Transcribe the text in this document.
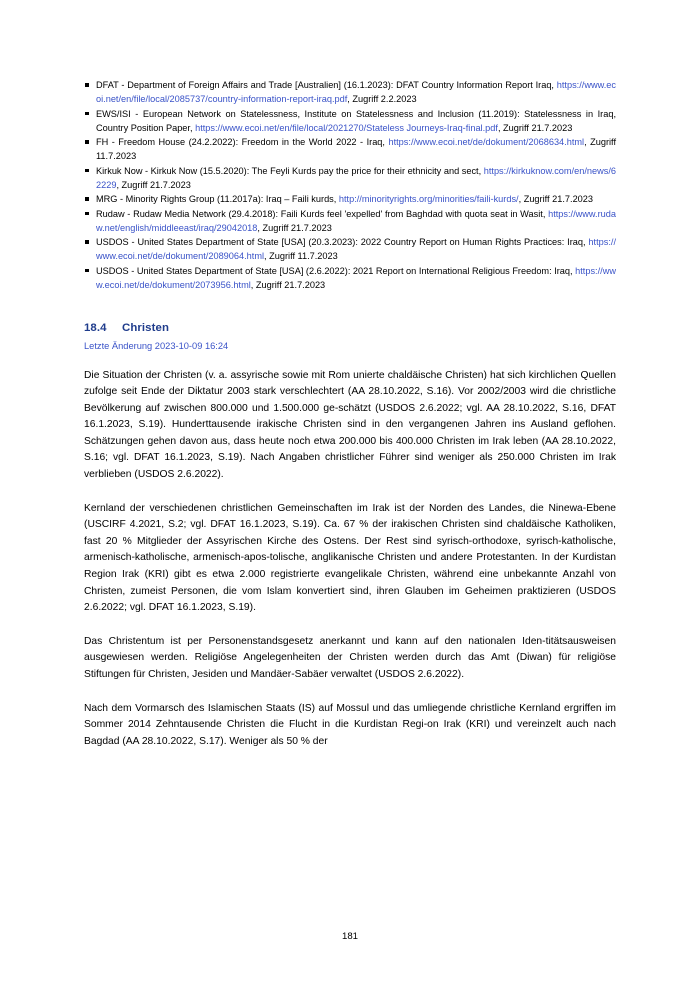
DFAT - Department of Foreign Affairs and Trade [Australien] (16.1.2023): DFAT Country Information Report Iraq, https://www.ecoi.net/en/file/local/2085737/country-information-report-iraq.pdf, Zugriff 2.2.2023
EWS/ISI - European Network on Statelessness, Institute on Statelessness and Inclusion (11.2019): Statelessness in Iraq, Country Position Paper, https://www.ecoi.net/en/file/local/2021270/Stateless Journeys-Iraq-final.pdf, Zugriff 21.7.2023
FH - Freedom House (24.2.2022): Freedom in the World 2022 - Iraq, https://www.ecoi.net/de/dokument/2068634.html, Zugriff 11.7.2023
Kirkuk Now - Kirkuk Now (15.5.2020): The Feyli Kurds pay the price for their ethnicity and sect, https://kirkuknow.com/en/news/62229, Zugriff 21.7.2023
MRG - Minority Rights Group (11.2017a): Iraq – Faili kurds, http://minorityrights.org/minorities/faili-kurds/, Zugriff 21.7.2023
Rudaw - Rudaw Media Network (29.4.2018): Faili Kurds feel 'expelled' from Baghdad with quota seat in Wasit, https://www.rudaw.net/english/middleeast/iraq/29042018, Zugriff 21.7.2023
USDOS - United States Department of State [USA] (20.3.2023): 2022 Country Report on Human Rights Practices: Iraq, https://www.ecoi.net/de/dokument/2089064.html, Zugriff 11.7.2023
USDOS - United States Department of State [USA] (2.6.2022): 2021 Report on International Religious Freedom: Iraq, https://www.ecoi.net/de/dokument/2073956.html, Zugriff 21.7.2023
18.4 Christen
Letzte Änderung 2023-10-09 16:24

Die Situation der Christen (v. a. assyrische sowie mit Rom unierte chaldäische Christen) hat sich kirchlichen Quellen zufolge seit Ende der Diktatur 2003 stark verschlechtert (AA 28.10.2022, S.16). Vor 2002/2003 wird die christliche Bevölkerung auf zwischen 800.000 und 1.500.000 ge-schätzt (USDOS 2.6.2022; vgl. AA 28.10.2022, S.16, DFAT 16.1.2023, S.19). Hunderttausende irakische Christen sind in den vergangenen Jahren ins Ausland geflohen. Schätzungen gehen davon aus, dass heute noch etwa 200.000 bis 400.000 Christen im Irak leben (AA 28.10.2022, S.16; vgl. DFAT 16.1.2023, S.19). Nach Angaben christlicher Führer sind weniger als 250.000 Christen im Irak verblieben (USDOS 2.6.2022).

Kernland der verschiedenen christlichen Gemeinschaften im Irak ist der Norden des Landes, die Ninewa-Ebene (USCIRF 4.2021, S.2; vgl. DFAT 16.1.2023, S.19). Ca. 67 % der irakischen Christen sind chaldäische Katholiken, fast 20 % Mitglieder der Assyrischen Kirche des Ostens. Der Rest sind syrisch-orthodoxe, syrisch-katholische, armenisch-katholische, armenisch-apos-tolische, anglikanische Christen und andere Protestanten. In der Kurdistan Region Irak (KRI) gibt es etwa 2.000 registrierte evangelikale Christen, während eine unbekannte Anzahl von Christen, zumeist Personen, die vom Islam konvertiert sind, ihren Glauben im Geheimen praktizieren (USDOS 2.6.2022; vgl. DFAT 16.1.2023, S.19).

Das Christentum ist per Personenstandsgesetz anerkannt und kann auf den nationalen Iden-titätsausweisen ausgewiesen werden. Religiöse Angelegenheiten der Christen werden durch das Amt (Diwan) für religiöse Stiftungen für Christen, Jesiden und Mandäer-Sabäer verwaltet (USDOS 2.6.2022).

Nach dem Vormarsch des Islamischen Staats (IS) auf Mossul und das umliegende christliche Kernland ergriffen im Sommer 2014 Zehntausende Christen die Flucht in die Kurdistan Regi-on Irak (KRI) und vereinzelt auch nach Bagdad (AA 28.10.2022, S.17). Weniger als 50 % der

181
